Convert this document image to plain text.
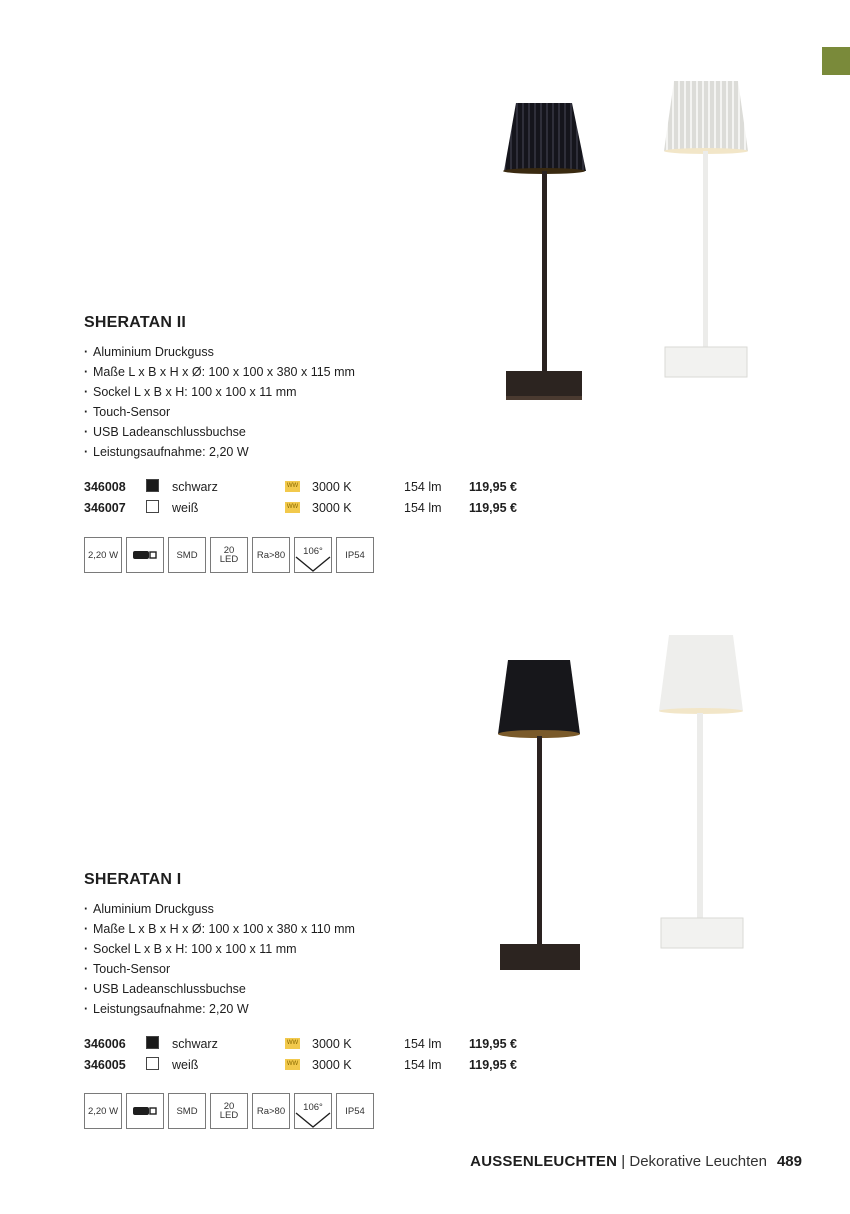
SHERATAN II
· Aluminium Druckguss
· Maße L x B x H x Ø: 100 x 100 x 380 x 115 mm
· Sockel L x B x H: 100 x 100 x 11 mm
· Touch-Sensor
· USB Ladeanschlussbuchse
· Leistungsaufnahme: 2,20 W
346008	schwarz	WW 3000 K	154 lm 119,95 €
346007	weiß	WW 3000 K	154 lm 119,95 €
2,20 W	SMD	20
LED Ra>80 106° IP54
SHERATAN I
· Aluminium Druckguss
· Maße L x B x H x Ø: 100 x 100 x 380 x 110 mm
· Sockel L x B x H: 100 x 100 x 11 mm
· Touch-Sensor
· USB Ladeanschlussbuchse
· Leistungsaufnahme: 2,20 W
346006	schwarz	WW 3000 K	154 lm 119,95 €
346005	weiß	WW 3000 K	154 lm 119,95 €
2,20 W	SMD	20
LED Ra>80 106° IP54
AUSSENLEUCHTEN | Dekorative Leuchten 489
